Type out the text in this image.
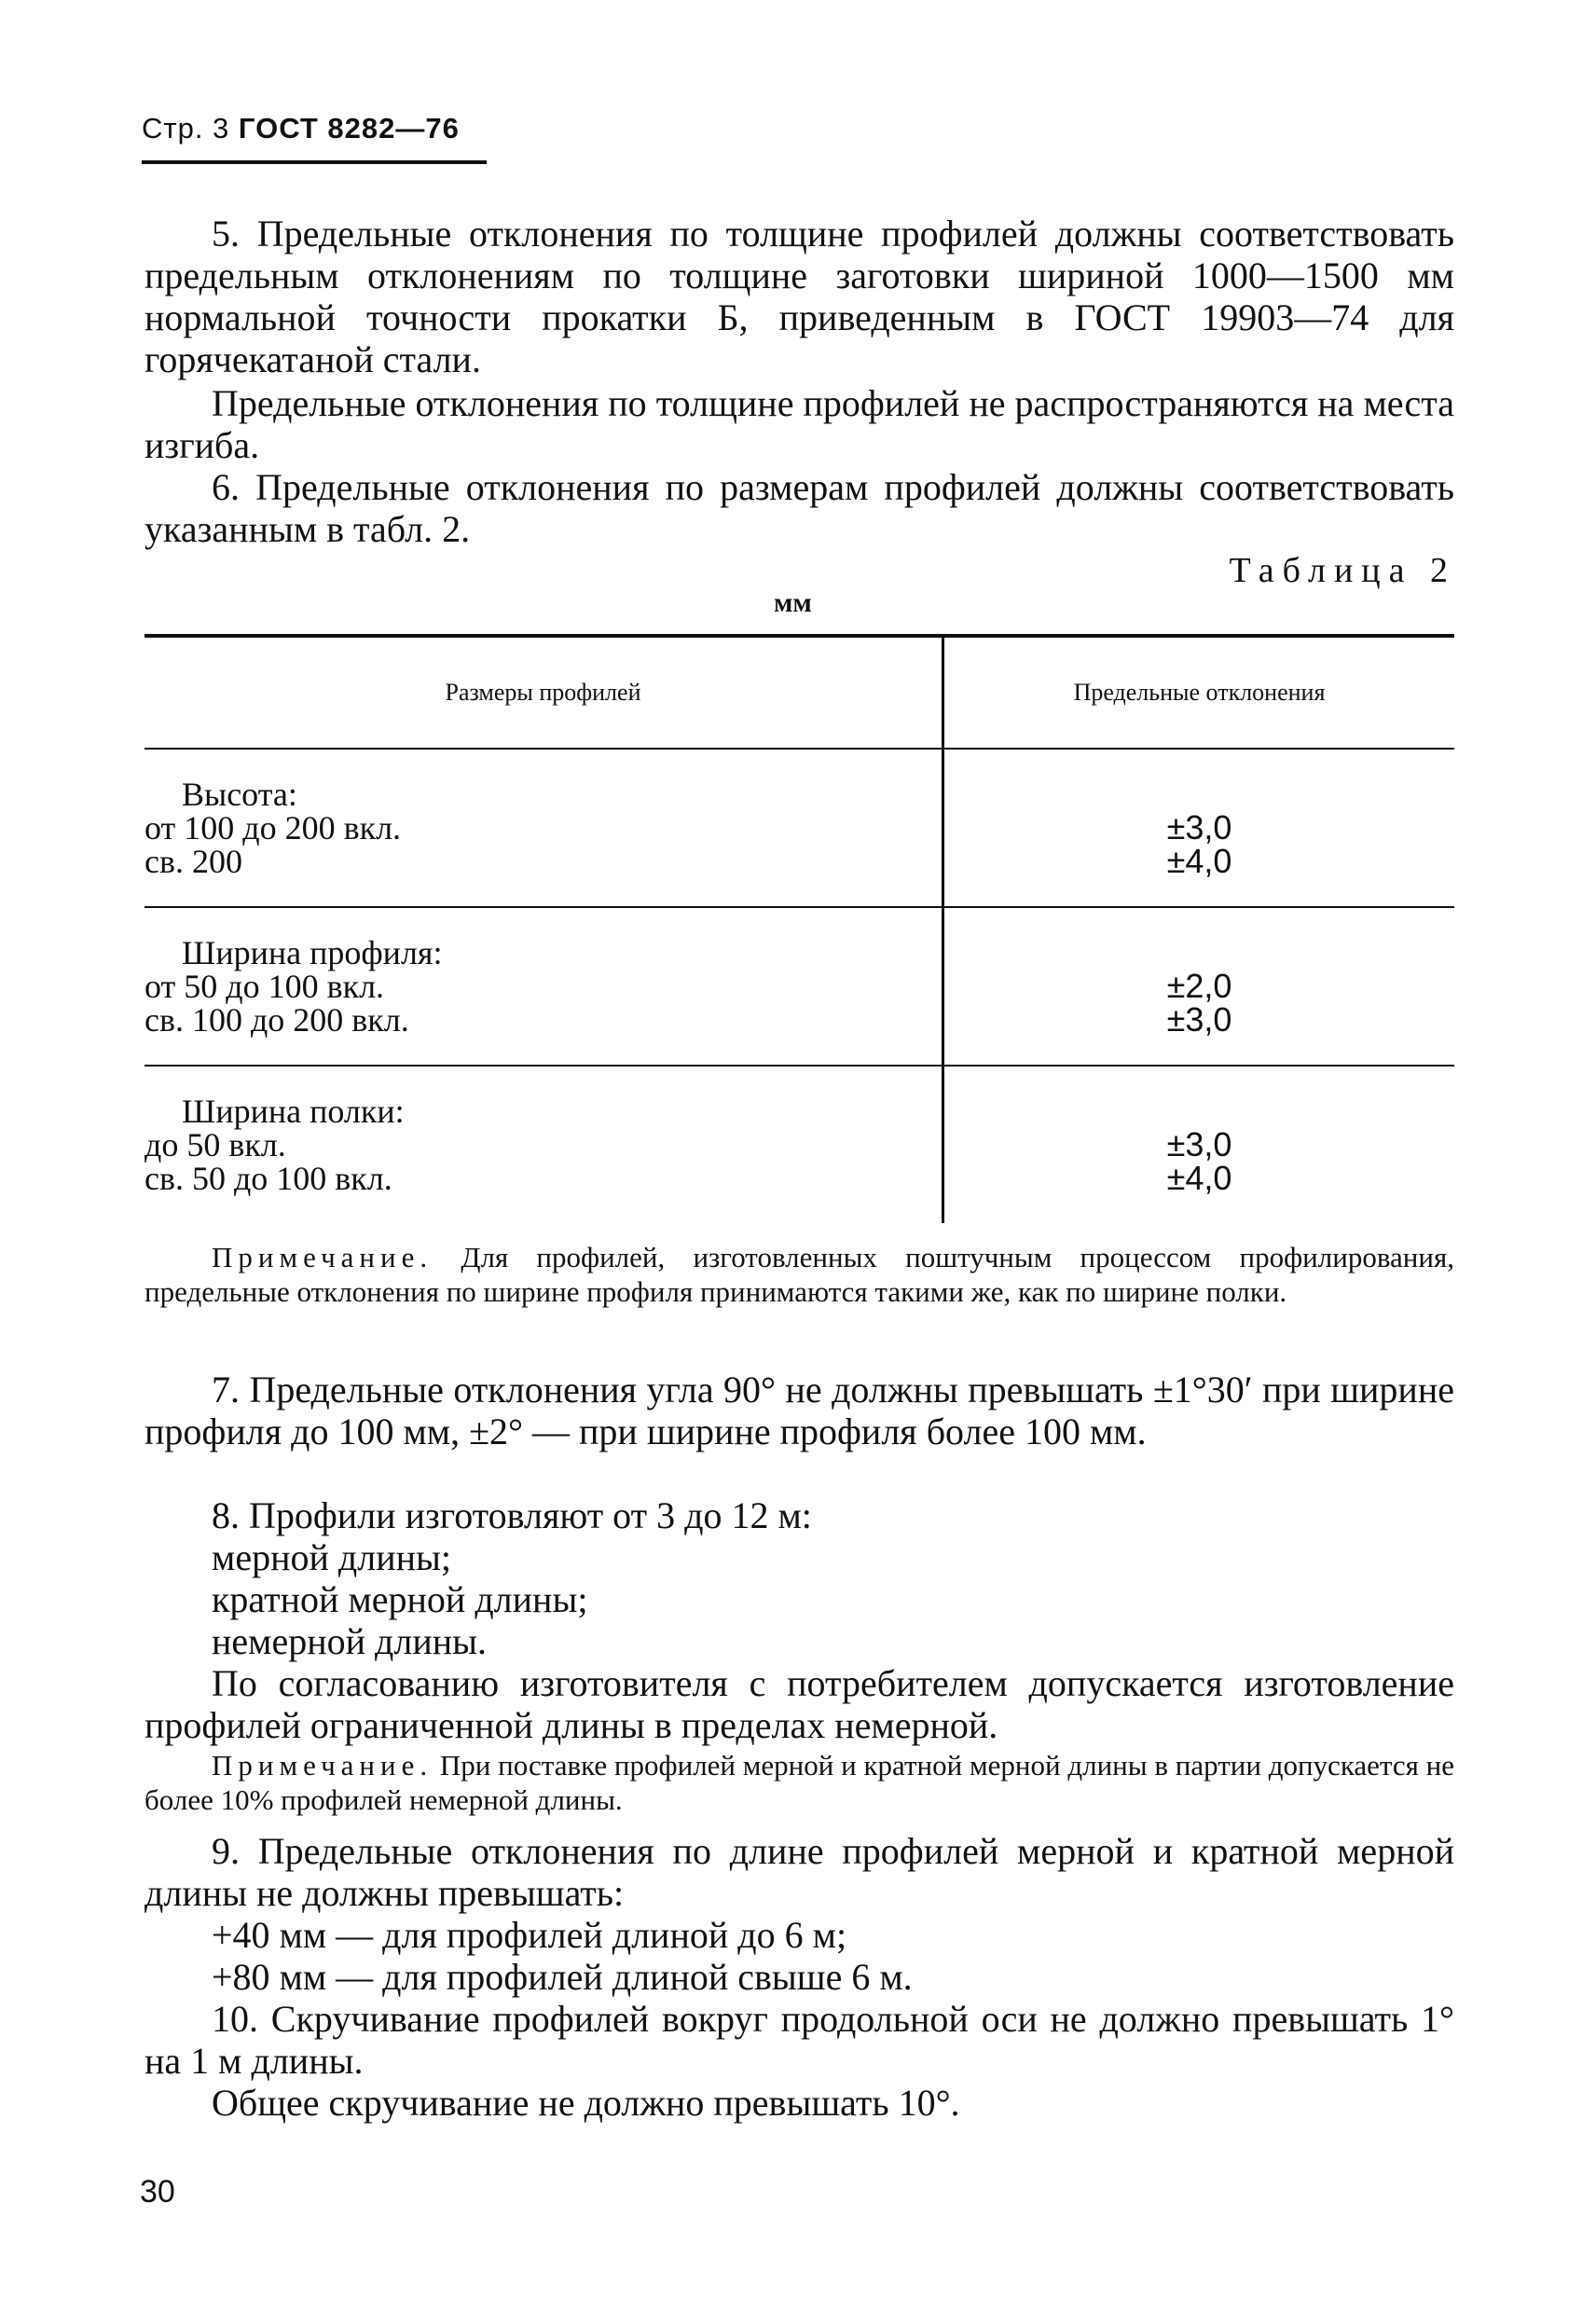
Стр. 3 ГОСТ 8282—76
5. Предельные отклонения по толщине профилей должны соответствовать предельным отклонениям по толщине заготовки шириной 1000—1500 мм нормальной точности прокатки Б, приведенным в ГОСТ 19903—74 для горячекатаной стали.
Предельные отклонения по толщине профилей не распространяются на места изгиба.
6. Предельные отклонения по размерам профилей должны соответствовать указанным в табл. 2.
Таблица 2
мм
Размеры профилей	Предельные отклонения
Высота:
от 100 до 200 вкл.
св. 200
±3,0
±4,0
Ширина профиля:
от 50 до 100 вкл.
св. 100 до 200 вкл.
±2,0
±3,0
Ширина полки:
до 50 вкл.
св. 50 до 100 вкл.
±3,0
±4,0
Примечание. Для профилей, изготовленных поштучным процессом профилирования, предельные отклонения по ширине профиля принимаются такими же, как по ширине полки.
7. Предельные отклонения угла 90° не должны превышать ±1°30′ при ширине профиля до 100 мм, ±2° — при ширине профиля более 100 мм.
8. Профили изготовляют от 3 до 12 м:
мерной длины;
кратной мерной длины;
немерной длины.
По согласованию изготовителя с потребителем допускается изготовление профилей ограниченной длины в пределах немерной.
Примечание. При поставке профилей мерной и кратной мерной длины в партии допускается не более 10% профилей немерной длины.
9. Предельные отклонения по длине профилей мерной и кратной мерной длины не должны превышать:
+40 мм — для профилей длиной до 6 м;
+80 мм — для профилей длиной свыше 6 м.
10. Скручивание профилей вокруг продольной оси не должно превышать 1° на 1 м длины.
Общее скручивание не должно превышать 10°.
30
